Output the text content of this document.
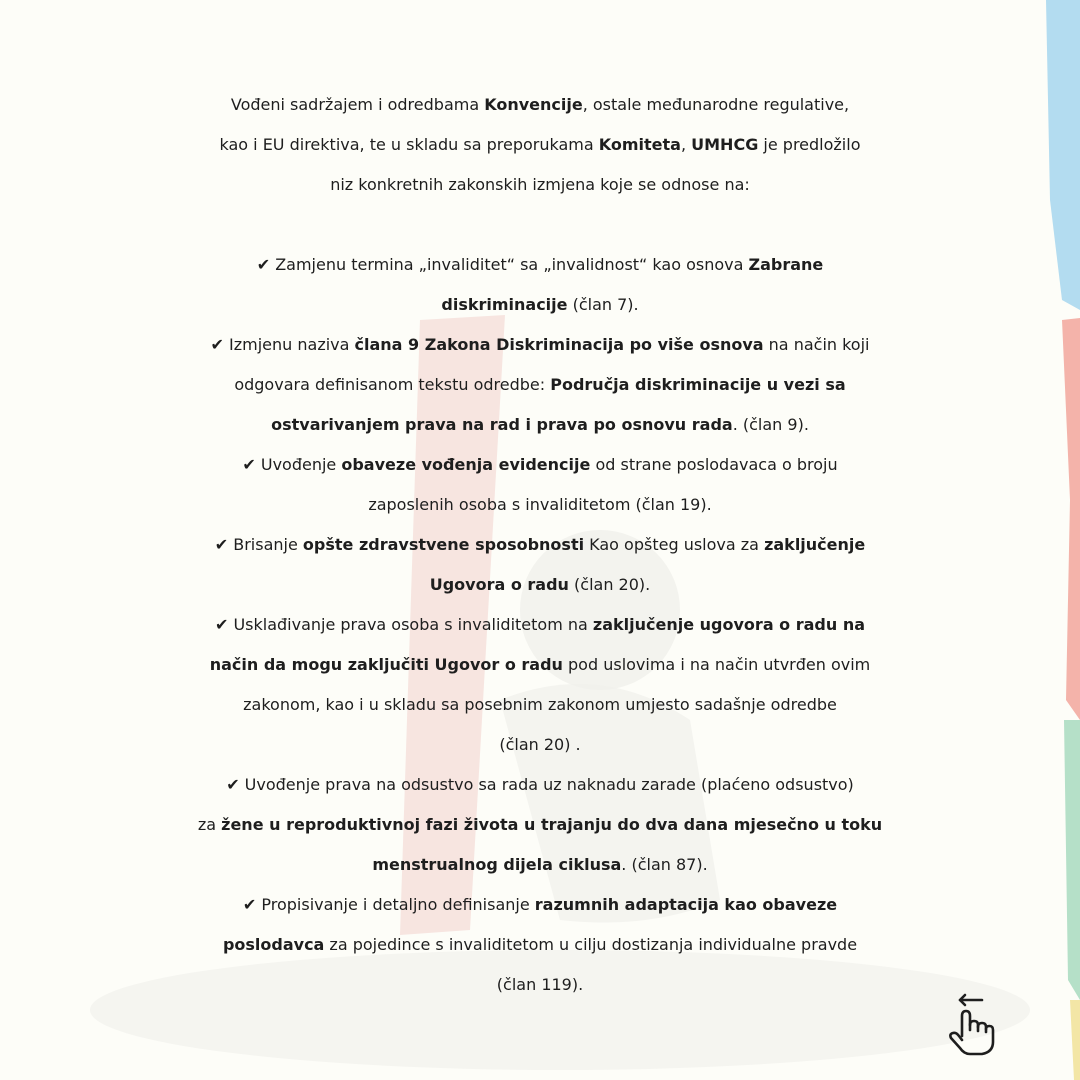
Vođeni sadržajem i odredbama Konvencije, ostale međunarodne regulative,

kao i EU direktiva, te u skladu sa preporukama Komiteta, UMHCG je predložilo

niz konkretnih zakonskih izmjena koje se odnose na:

✔ Zamjenu termina „invaliditet“ sa „invalidnost“ kao osnova Zabrane

diskriminacije (član 7).

✔ Izmjenu naziva člana 9 Zakona Diskriminacija po više osnova na način koji

odgovara definisanom tekstu odredbe: Područja diskriminacije u vezi sa

ostvarivanjem prava na rad i prava po osnovu rada. (član 9).

✔ Uvođenje obaveze vođenja evidencije od strane poslodavaca o broju

zaposlenih osoba s invaliditetom (član 19).

✔ Brisanje opšte zdravstvene sposobnosti Kao opšteg uslova za zaključenje

Ugovora o radu (član 20).

✔ Usklađivanje prava osoba s invaliditetom na zaključenje ugovora o radu na

način da mogu zaključiti Ugovor o radu pod uslovima i na način utvrđen ovim

zakonom, kao i u skladu sa posebnim zakonom umjesto sadašnje odredbe

(član 20) .

✔ Uvođenje prava na odsustvo sa rada uz naknadu zarade (plaćeno odsustvo)

za žene u reproduktivnoj fazi života u trajanju do dva dana mjesečno u toku

menstrualnog dijela ciklusa. (član 87).

✔ Propisivanje i detaljno definisanje razumnih adaptacija kao obaveze

poslodavca za pojedince s invaliditetom u cilju dostizanja individualne pravde

(član 119).
